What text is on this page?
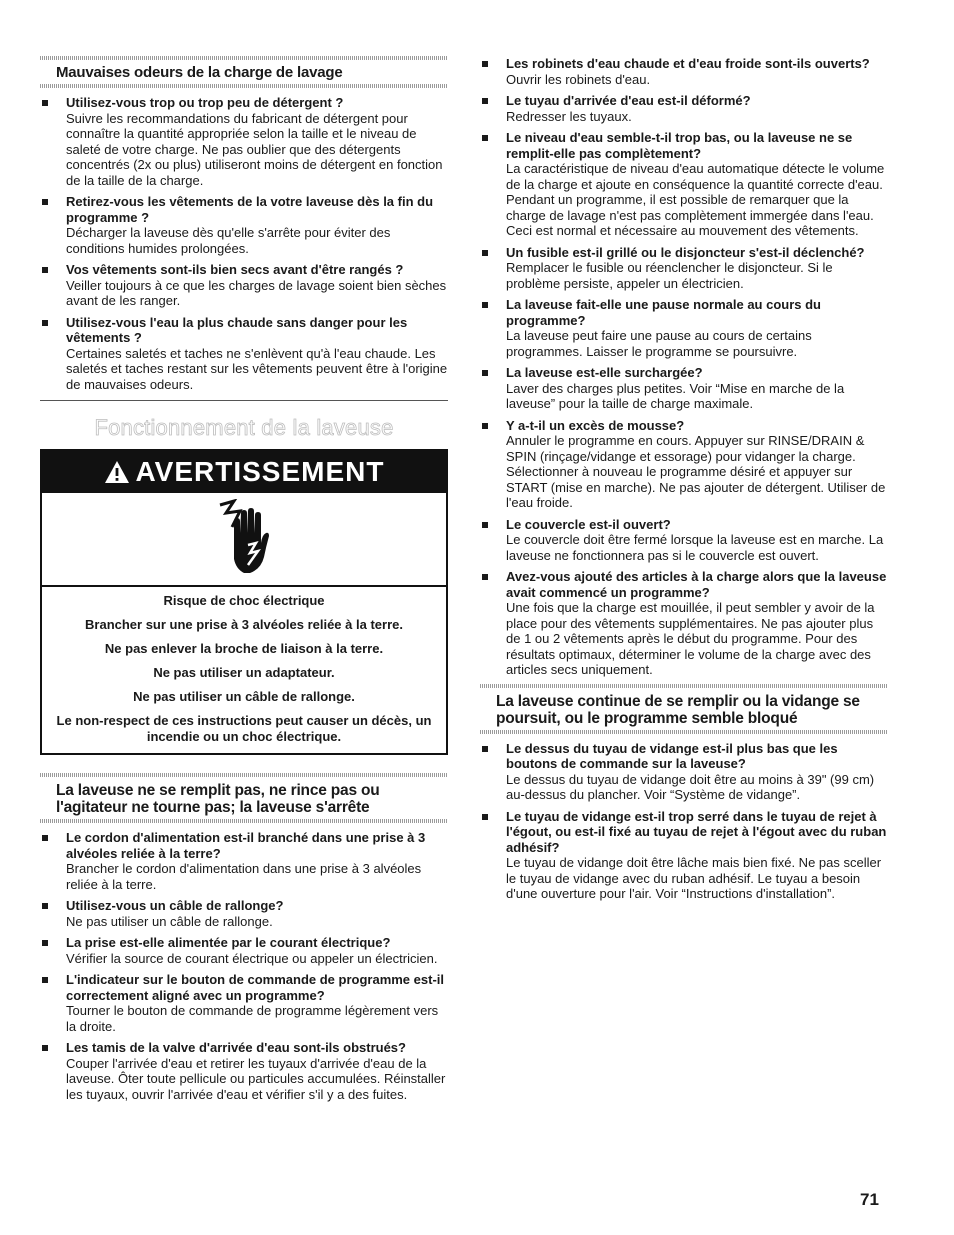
Mauvaises odeurs de la charge de lavage
Utilisez-vous trop ou trop peu de détergent ?
Suivre les recommandations du fabricant de détergent pour connaître la quantité appropriée selon la taille et le niveau de saleté de votre charge. Ne pas oublier que des détergents concentrés (2x ou plus) utiliseront moins de détergent en fonction de la taille de la charge.
Retirez-vous les vêtements de la votre laveuse dès la fin du programme ?
Décharger la laveuse dès qu'elle s'arrête pour éviter des conditions humides prolongées.
Vos vêtements sont-ils bien secs avant d'être rangés ?
Veiller toujours à ce que les charges de lavage soient bien sèches avant de les ranger.
Utilisez-vous l'eau la plus chaude sans danger pour les vêtements ?
Certaines saletés et taches ne s'enlèvent qu'à l'eau chaude. Les saletés et taches restant sur les vêtements peuvent être à l'origine de mauvaises odeurs.
Fonctionnement de la laveuse
AVERTISSEMENT
Risque de choc électrique
Brancher sur une prise à 3 alvéoles reliée à la terre.
Ne pas enlever la broche de liaison à la terre.
Ne pas utiliser un adaptateur.
Ne pas utiliser un câble de rallonge.
Le non-respect de ces instructions peut causer un décès, un incendie ou un choc électrique.
La laveuse ne se remplit pas, ne rince pas ou l'agitateur ne tourne pas; la laveuse s'arrête
Le cordon d'alimentation est-il branché dans une prise à 3 alvéoles reliée à la terre?
Brancher le cordon d'alimentation dans une prise à 3 alvéoles reliée à la terre.
Utilisez-vous un câble de rallonge?
Ne pas utiliser un câble de rallonge.
La prise est-elle alimentée par le courant électrique?
Vérifier la source de courant électrique ou appeler un électricien.
L'indicateur sur le bouton de commande de programme est-il correctement aligné avec un programme?
Tourner le bouton de commande de programme légèrement vers la droite.
Les tamis de la valve d'arrivée d'eau sont-ils obstrués?
Couper l'arrivée d'eau et retirer les tuyaux d'arrivée d'eau de la laveuse. Ôter toute pellicule ou particules accumulées. Réinstaller les tuyaux, ouvrir l'arrivée d'eau et vérifier s'il y a des fuites.
Les robinets d'eau chaude et d'eau froide sont-ils ouverts?
Ouvrir les robinets d'eau.
Le tuyau d'arrivée d'eau est-il déformé?
Redresser les tuyaux.
Le niveau d'eau semble-t-il trop bas, ou la laveuse ne se remplit-elle pas complètement?
La caractéristique de niveau d'eau automatique détecte le volume de la charge et ajoute en conséquence la quantité correcte d'eau. Pendant un programme, il est possible de remarquer que la charge de lavage n'est pas complètement immergée dans l'eau. Ceci est normal et nécessaire au mouvement des vêtements.
Un fusible est-il grillé ou le disjoncteur s'est-il déclenché?
Remplacer le fusible ou réenclencher le disjoncteur. Si le problème persiste, appeler un électricien.
La laveuse fait-elle une pause normale au cours du programme?
La laveuse peut faire une pause au cours de certains programmes. Laisser le programme se poursuivre.
La laveuse est-elle surchargée?
Laver des charges plus petites. Voir “Mise en marche de la laveuse” pour la taille de charge maximale.
Y a-t-il un excès de mousse?
Annuler le programme en cours. Appuyer sur RINSE/DRAIN & SPIN (rinçage/vidange et essorage) pour vidanger la charge. Sélectionner à nouveau le programme désiré et appuyer sur START (mise en marche). Ne pas ajouter de détergent. Utiliser de l'eau froide.
Le couvercle est-il ouvert?
Le couvercle doit être fermé lorsque la laveuse est en marche. La laveuse ne fonctionnera pas si le couvercle est ouvert.
Avez-vous ajouté des articles à la charge alors que la laveuse avait commencé un programme?
Une fois que la charge est mouillée, il peut sembler y avoir de la place pour des vêtements supplémentaires. Ne pas ajouter plus de 1 ou 2 vêtements après le début du programme. Pour des résultats optimaux, déterminer le volume de la charge avec des articles secs uniquement.
La laveuse continue de se remplir ou la vidange se poursuit, ou le programme semble bloqué
Le dessus du tuyau de vidange est-il plus bas que les boutons de commande sur la laveuse?
Le dessus du tuyau de vidange doit être au moins à 39" (99 cm) au-dessus du plancher. Voir “Système de vidange”.
Le tuyau de vidange est-il trop serré dans le tuyau de rejet à l'égout, ou est-il fixé au tuyau de rejet à l'égout avec du ruban adhésif?
Le tuyau de vidange doit être lâche mais bien fixé. Ne pas sceller le tuyau de vidange avec du ruban adhésif. Le tuyau a besoin d'une ouverture pour l'air. Voir “Instructions d'installation”.
71
